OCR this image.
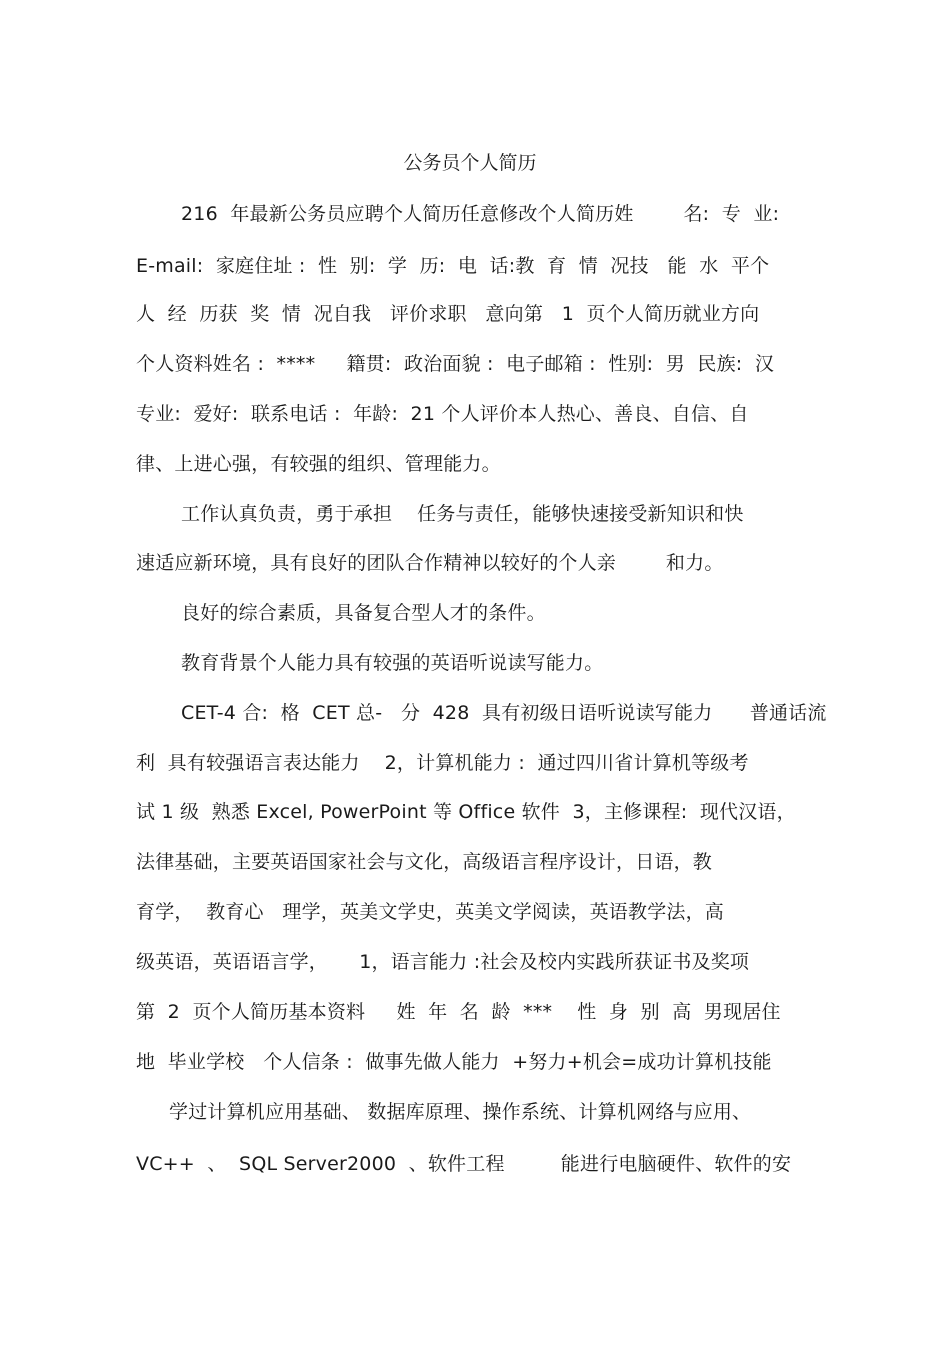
公务员个人简历
216  年最新公务员应聘个人简历任意修改个人简历姓        名:  专  业:
E-mail:  家庭住址 :  性  别:  学  历:  电  话:教  育  情  况技   能  水  平个
人  经  历获  奖  情  况自我   评价求职   意向第   1  页个人简历就业方向
个人资料姓名 :  ****     籍贯:  政治面貌 :  电子邮箱 :  性别:  男  民族:  汉
专业:  爱好:  联系电话 :  年龄:  21 个人评价本人热心、善良、自信、自
律、上进心强，有较强的组织、管理能力。
工作认真负责，勇于承担    任务与责任，能够快速接受新知识和快
速适应新环境，具有良好的团队合作精神以较好的个人亲        和力。
良好的综合素质，具备复合型人才的条件。
教育背景个人能力具有较强的英语听说读写能力。
CET-4 合:  格  CET 总-   分  428  具有初级日语听说读写能力      普通话流
利  具有较强语言表达能力    2，计算机能力 :  通过四川省计算机等级考
试 1 级  熟悉 Excel, PowerPoint 等 Office 软件  3，主修课程:  现代汉语，
法律基础，主要英语国家社会与文化，高级语言程序设计，日语，教
育学，  教育心   理学，英美文学史，英美文学阅读，英语教学法，高
级英语，英语语言学，     1，语言能力 :社会及校内实践所获证书及奖项
第  2  页个人简历基本资料     姓  年  名  龄  ***    性  身  别  高  男现居住
地  毕业学校   个人信条 :  做事先做人能力  +努力+机会=成功计算机技能
学过计算机应用基础、 数据库原理、操作系统、计算机网络与应用、
VC++  、  SQL Server2000  、软件工程         能进行电脑硬件、软件的安
